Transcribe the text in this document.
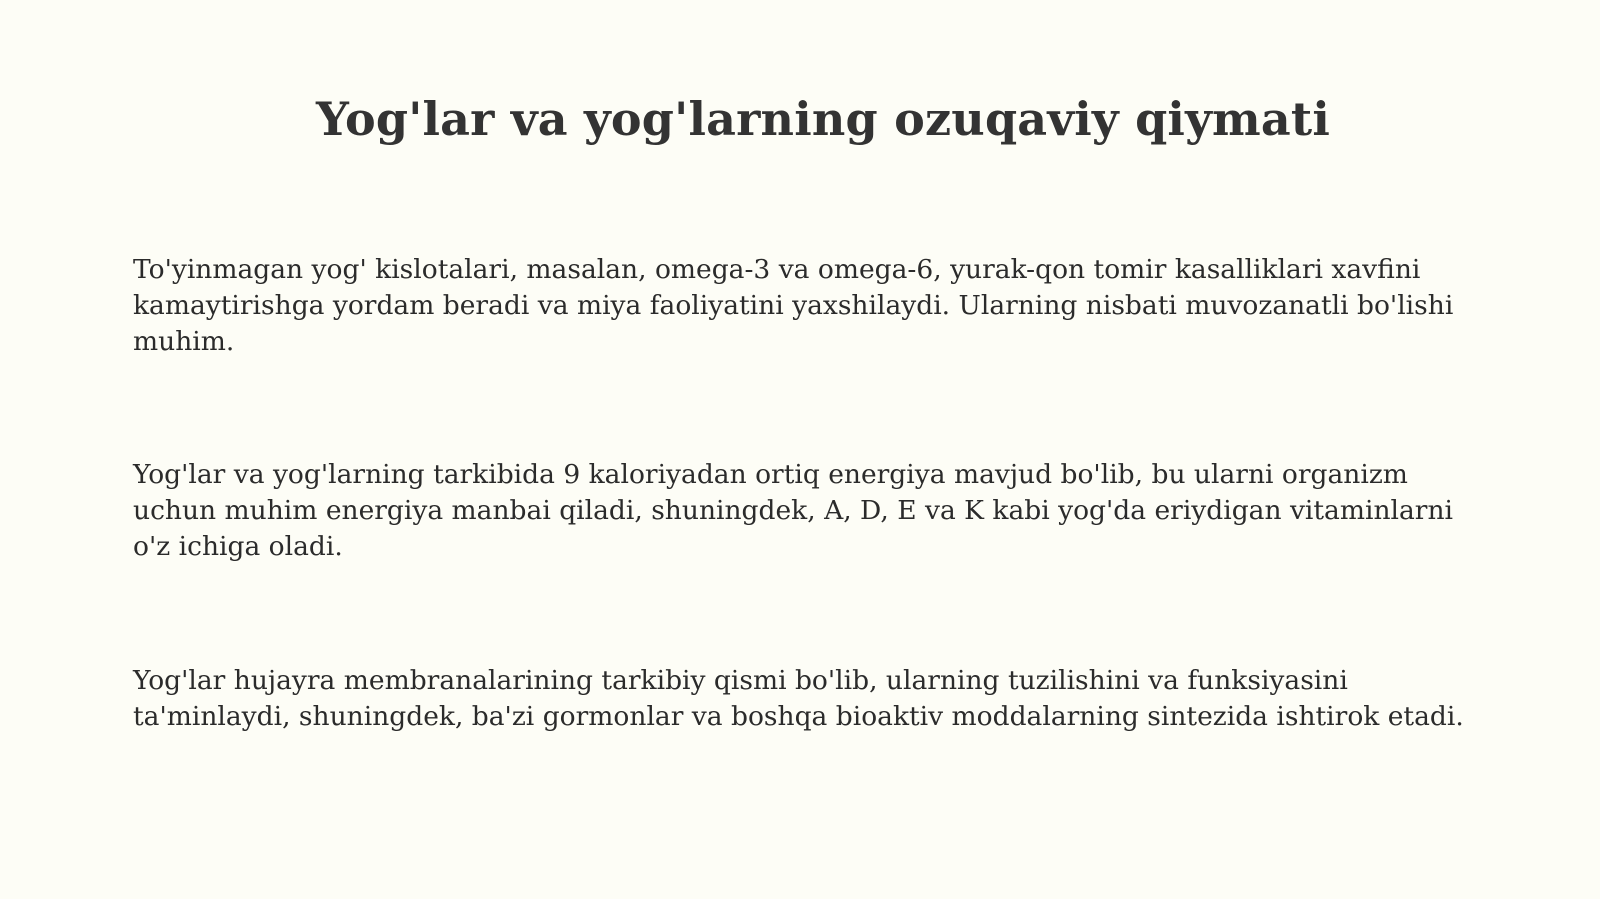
Yog'lar va yog'larning ozuqaviy qiymati

To'yinmagan yog' kislotalari, masalan, omega-3 va omega-6, yurak-qon tomir kasalliklari xavfini kamaytirishga yordam beradi va miya faoliyatini yaxshilaydi. Ularning nisbati muvozanatli bo'lishi muhim.

Yog'lar va yog'larning tarkibida 9 kaloriyadan ortiq energiya mavjud bo'lib, bu ularni organizm uchun muhim energiya manbai qiladi, shuningdek, A, D, E va K kabi yog'da eriydigan vitaminlarni o'z ichiga oladi.

Yog'lar hujayra membranalarining tarkibiy qismi bo'lib, ularning tuzilishini va funksiyasini ta'minlaydi, shuningdek, ba'zi gormonlar va boshqa bioaktiv moddalarning sintezida ishtirok etadi.
